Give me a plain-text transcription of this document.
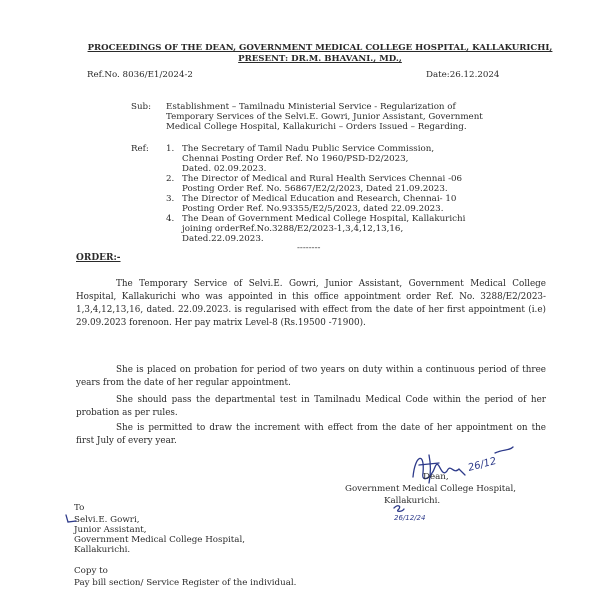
PROCEEDINGS OF THE DEAN, GOVERNMENT MEDICAL COLLEGE HOSPITAL, KALLAKURICHI,
PRESENT: DR.M. BHAVANI., MD.,
Ref.No. 8036/E1/2024-2	Date:26.12.2024
Sub: Establishment – Tamilnadu Ministerial Service - Regularization of
Temporary Services of the Selvi.E. Gowri, Junior Assistant, Government
Medical College Hospital, Kallakurichi – Orders Issued – Regarding.
Ref: 1. The Secretary of Tamil Nadu Public Service Commission,
Chennai Posting Order Ref. No 1960/PSD-D2/2023,
Dated. 02.09.2023.
2. The Director of Medical and Rural Health Services Chennai -06
Posting Order Ref. No. 56867/E2/2/2023, Dated 21.09.2023.
3. The Director of Medical Education and Research, Chennai- 10
Posting Order Ref. No.93355/E2/5/2023, dated 22.09.2023.
4. The Dean of Government Medical College Hospital, Kallakurichi
joining orderRef.No.3288/E2/2023-1,3,4,12,13,16,
Dated.22.09.2023.
--------
ORDER:-
The Temporary Service of Selvi.E. Gowri, Junior Assistant, Government Medical College Hospital, Kallakurichi who was appointed in this office appointment order Ref. No. 3288/E2/2023-1,3,4,12,13,16, dated. 22.09.2023. is regularised with effect from the date of her first appointment (i.e) 29.09.2023 forenoon. Her pay matrix Level-8 (Rs.19500 -71900).
She is placed on probation for period of two years on duty within a continuous period of three years from the date of her regular appointment.
She should pass the departmental test in Tamilnadu Medical Code within the period of her probation as per rules.
She is permitted to draw the increment with effect from the date of her appointment on the first July of every year.
26/12
Dean,
Government Medical College Hospital,
Kallakurichi.
26/12/24
To
Selvi.E. Gowri,
Junior Assistant,
Government Medical College Hospital,
Kallakurichi.
Copy to
Pay bill section/ Service Register of the individual.
